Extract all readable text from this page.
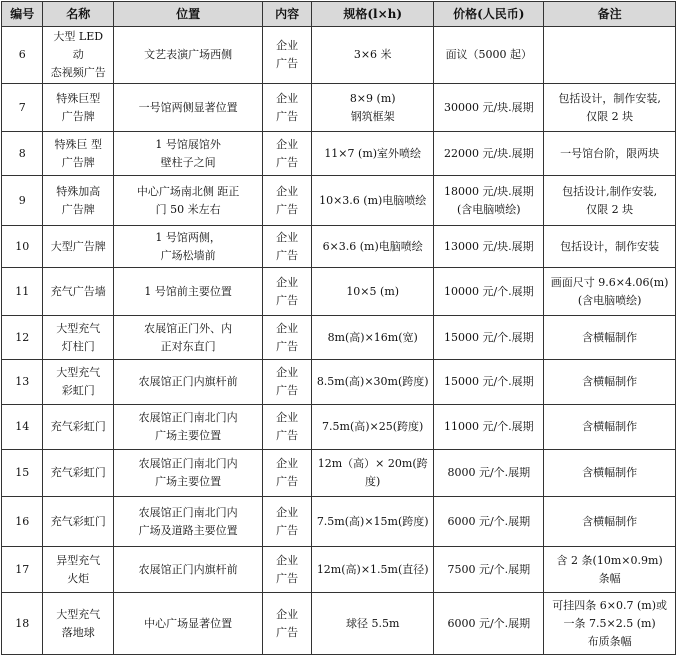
编号	名称	位置	内容	规格(l×h)	价格(人民币)	备注
6	大型 LED 动
态视频广告	文艺表演广场西侧	企业
广告	3×6 米	面议（5000 起）	

7	特殊巨型
广告牌	一号馆两侧显著位置	企业
广告	8×9 (m)
钢筑框架	30000 元/块.展期	包括设计，制作安装,
仅限 2 块

8	特殊巨 型
广告牌	1 号馆展馆外
壁柱子之间	企业
广告	11×7 (m)室外喷绘	22000 元/块.展期	一号馆台阶，限两块

9	特殊加高
广告牌	中心广场南北侧 距正
门 50 米左右	企业
广告	10×3.6 (m)电脑喷绘	18000 元/块.展期
(含电脑喷绘)	包括设计,制作安装,
仅限 2 块

10	大型广告牌	1 号馆两侧，
广场松墙前	企业
广告	6×3.6 (m)电脑喷绘	13000 元/块.展期	包括设计，制作安装

11	充气广告墙	1 号馆前主要位置	企业
广告	10×5 (m)	10000 元/个.展期	画面尺寸 9.6×4.06(m)
(含电脑喷绘)

12	大型充气
灯柱门	农展馆正门外、内
正对东直门	企业
广告	8m(高)×16m(宽)	15000 元/个.展期	含横幅制作

13	大型充气
彩虹门	农展馆正门内旗杆前	企业
广告	8.5m(高)×30m(跨度)	15000 元/个.展期	含横幅制作

14	充气彩虹门	农展馆正门南北门内
广场主要位置	企业
广告	7.5m(高)×25(跨度)	11000 元/个.展期	含横幅制作

15	充气彩虹门	农展馆正门南北门内
广场主要位置	企业
广告	12m（高）× 20m(跨
度)	8000 元/个.展期	含横幅制作

16	充气彩虹门	农展馆正门南北门内
广场及道路主要位置	企业
广告	7.5m(高)×15m(跨度)	6000 元/个.展期	含横幅制作

17	异型充气
火炬	农展馆正门内旗杆前	企业
广告	12m(高)×1.5m(直径)	7500 元/个.展期	含 2 条(10m×0.9m)
条幅

18	大型充气
落地球	中心广场显著位置	企业
广告	球径 5.5m	6000 元/个.展期	可挂四条 6×0.7 (m)或
一条 7.5×2.5 (m)
布质条幅
